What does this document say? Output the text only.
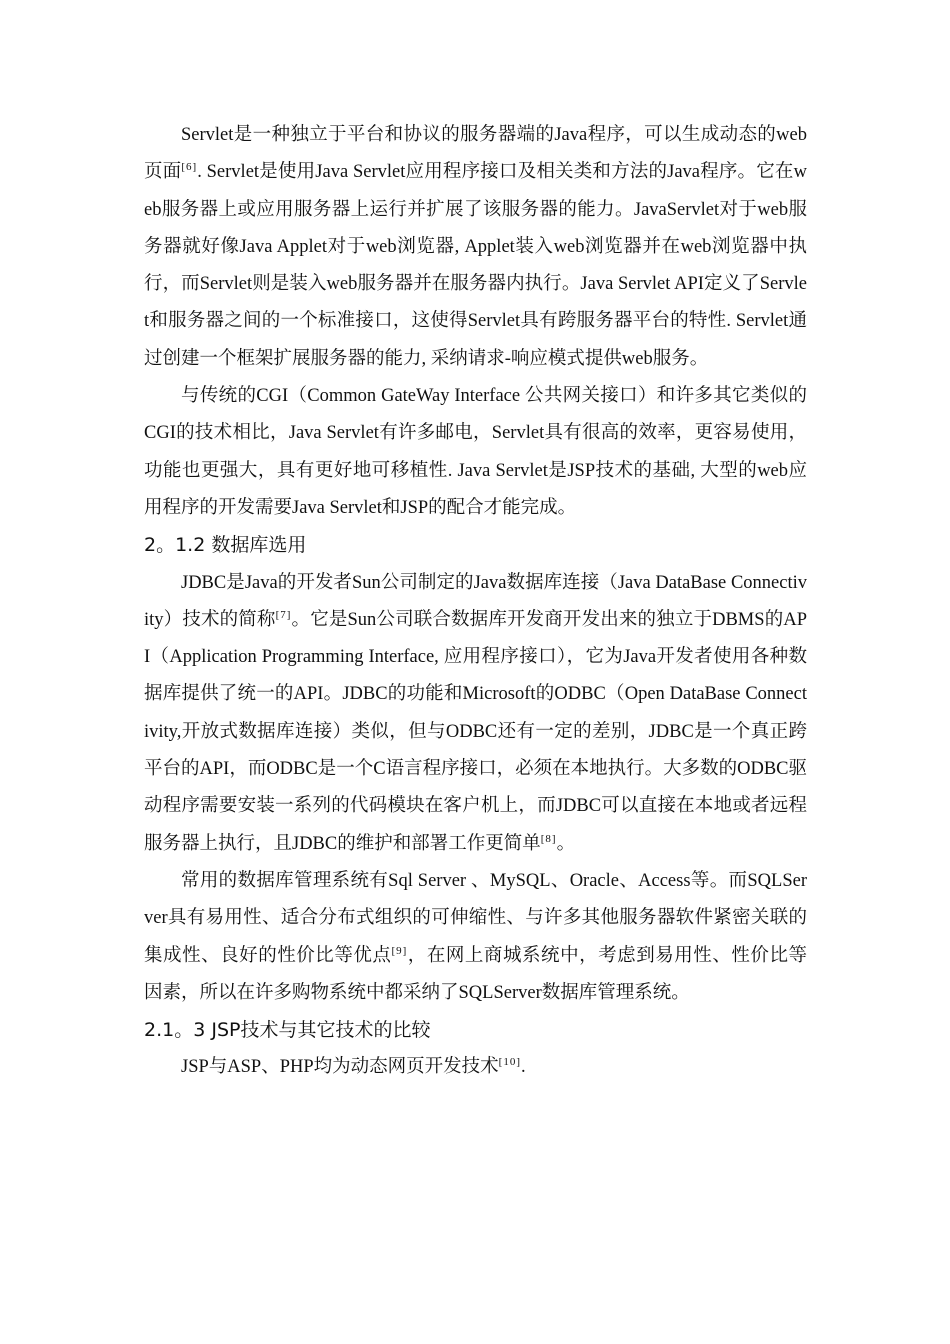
Servlet是一种独立于平台和协议的服务器端的Java程序，可以生成动态的web页面[6]. Servlet是使用Java Servlet应用程序接口及相关类和方法的Java程序。它在web服务器上或应用服务器上运行并扩展了该服务器的能力。JavaServlet对于web服务器就好像Java Applet对于web浏览器, Applet装入web浏览器并在web浏览器中执行，而Servlet则是装入web服务器并在服务器内执行。Java Servlet API定义了Servlet和服务器之间的一个标准接口，这使得Servlet具有跨服务器平台的特性. Servlet通过创建一个框架扩展服务器的能力, 采纳请求-响应模式提供web服务。

与传统的CGI（Common GateWay Interface 公共网关接口）和许多其它类似的CGI的技术相比，Java Servlet有许多邮电，Servlet具有很高的效率，更容易使用，功能也更强大，具有更好地可移植性. Java Servlet是JSP技术的基础, 大型的web应用程序的开发需要Java Servlet和JSP的配合才能完成。

2。1.2 数据库选用

JDBC是Java的开发者Sun公司制定的Java数据库连接（Java DataBase Connectivity）技术的简称[7]。它是Sun公司联合数据库开发商开发出来的独立于DBMS的API（Application Programming Interface, 应用程序接口），它为Java开发者使用各种数据库提供了统一的API。JDBC的功能和Microsoft的ODBC（Open DataBase Connectivity,开放式数据库连接）类似，但与ODBC还有一定的差别，JDBC是一个真正跨平台的API，而ODBC是一个C语言程序接口，必须在本地执行。大多数的ODBC驱动程序需要安装一系列的代码模块在客户机上，而JDBC可以直接在本地或者远程服务器上执行，且JDBC的维护和部署工作更简单[8]。

常用的数据库管理系统有Sql Server 、MySQL、Oracle、Access等。而SQLServer具有易用性、适合分布式组织的可伸缩性、与许多其他服务器软件紧密关联的集成性、良好的性价比等优点[9]，在网上商城系统中，考虑到易用性、性价比等因素，所以在许多购物系统中都采纳了SQLServer数据库管理系统。

2.1。3 JSP技术与其它技术的比较

JSP与ASP、PHP均为动态网页开发技术[10].
